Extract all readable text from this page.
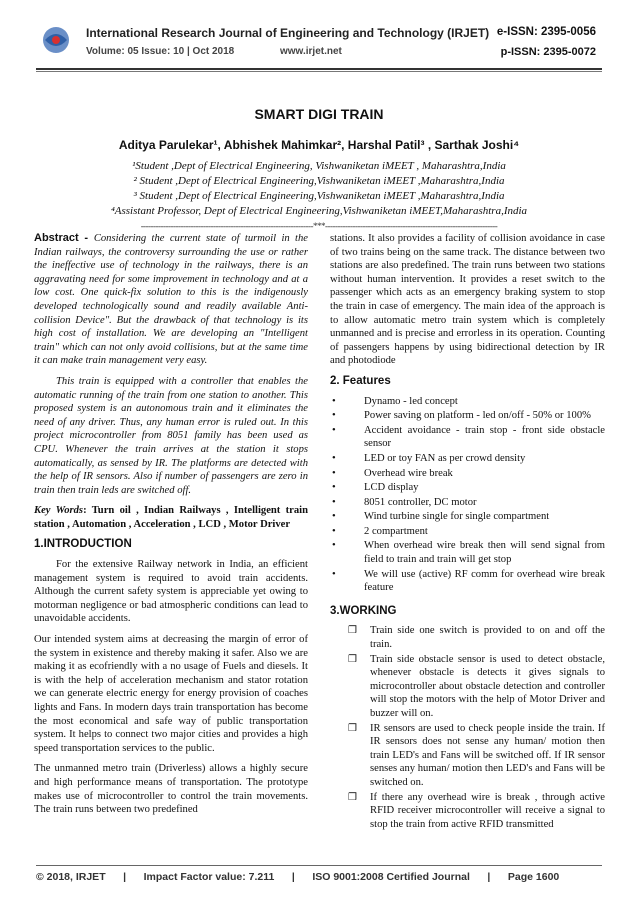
International Research Journal of Engineering and Technology (IRJET) e-ISSN: 2395-0056
Volume: 05 Issue: 10 | Oct 2018	www.irjet.net	p-ISSN: 2395-0072
SMART DIGI TRAIN
Aditya Parulekar¹, Abhishek Mahimkar², Harshal Patil³ , Sarthak Joshi⁴
¹Student ,Dept of Electrical Engineering, Vishwaniketan iMEET , Maharashtra,India
² Student ,Dept of Electrical Engineering,Vishwaniketan iMEET ,Maharashtra,India
³ Student ,Dept of Electrical Engineering,Vishwaniketan iMEET ,Maharashtra,India
⁴Assistant Professor, Dept of Electrical Engineering,Vishwaniketan iMEET,Maharashtra,India
---------------------------------------------------------------------***---------------------------------------------------------------------

Abstract - Considering the current state of turmoil in the Indian railways, the controversy surrounding the use or rather the ineffective use of technology in the railways, there is an aggravating need for some improvement in technology and at a low cost. One quick-fix solution to this is the indigenously developed technologically sound and readily available Anti-collision Device". But the drawback of that technology is its high cost of installation. We are developing an "Intelligent train" which can not only avoid collisions, but at the same time it can make train management very easy.

This train is equipped with a controller that enables the automatic running of the train from one station to another. This proposed system is an autonomous train and it eliminates the need of any driver. Thus, any human error is ruled out. In this project microcontroller from 8051 family has been used as CPU. Whenever the train arrives at the station it stops automatically, as sensed by IR. The platforms are detected with the help of IR sensors. Also if number of passengers are zero in train then train leds are switched off.

Key Words: Turn oil , Indian Railways , Intelligent train station , Automation , Acceleration , LCD , Motor Driver

1.INTRODUCTION

For the extensive Railway network in India, an efficient management system is required to avoid train accidents. Although the current safety system is appreciable yet owing to motorman negligence or bad atmospheric conditions can lead to unavoidable accidents.

Our intended system aims at decreasing the margin of error of the system in existence and thereby making it safer. Also we are making it as ecofriendly with a no usage of Fuels and diesels. It is with the help of acceleration mechanism and stator rotation we can generate electric energy for energy provision of coaches lights and Fans. In modern days train transportation has become the most economical and safe way of public transportation system. It helps to connect two major cities and provides a high speed transportation services to the public.

The unmanned metro train (Driverless) allows a highly secure and high performance means of transportation. The prototype makes use of microcontroller to control the train movements. The train runs between two predefined

stations. It also provides a facility of collision avoidance in case of two trains being on the same track. The distance between two stations are also predefined. The train runs between two stations without human intervention. It provides a reset switch to the passenger which acts as an emergency braking system to stop the train in case of emergency. The main idea of the approach is to allow automatic metro train system which is completely unmanned and is precise and errorless in its operation. Counting of passengers happens by using bidirectional detection by IR and photodiode

2. Features
•	Dynamo - led concept
•	Power saving on platform - led on/off - 50% or 100%
•	Accident avoidance - train stop - front side obstacle sensor
•	LED or toy FAN as per crowd density
•	Overhead wire break
•	LCD display
•	8051 controller, DC motor
•	Wind turbine single for single compartment
•	2 compartment
•	When overhead wire break then will send signal from field to train and train will get stop
•	We will use (active) RF comm for overhead wire break feature
3.WORKING
❒ Train side one switch is provided to on and off the train.
❒ Train side obstacle sensor is used to detect obstacle, whenever obstacle is detects it gives signals to microcontroller about obstacle detection and controller will stop the motors with the help of Motor Driver and buzzer will on.
❒ IR sensors are used to check people inside the train. If IR sensors does not sense any human/ motion then train LED's and Fans will be switched off. If IR sensor senses any human/ motion then LED's and Fans will be switched on.
❒ If there any overhead wire is break , through active RFID receiver microcontroller will receive a signal to stop the train from active RFID transmitted
© 2018, IRJET | Impact Factor value: 7.211 | ISO 9001:2008 Certified Journal | Page 1600
